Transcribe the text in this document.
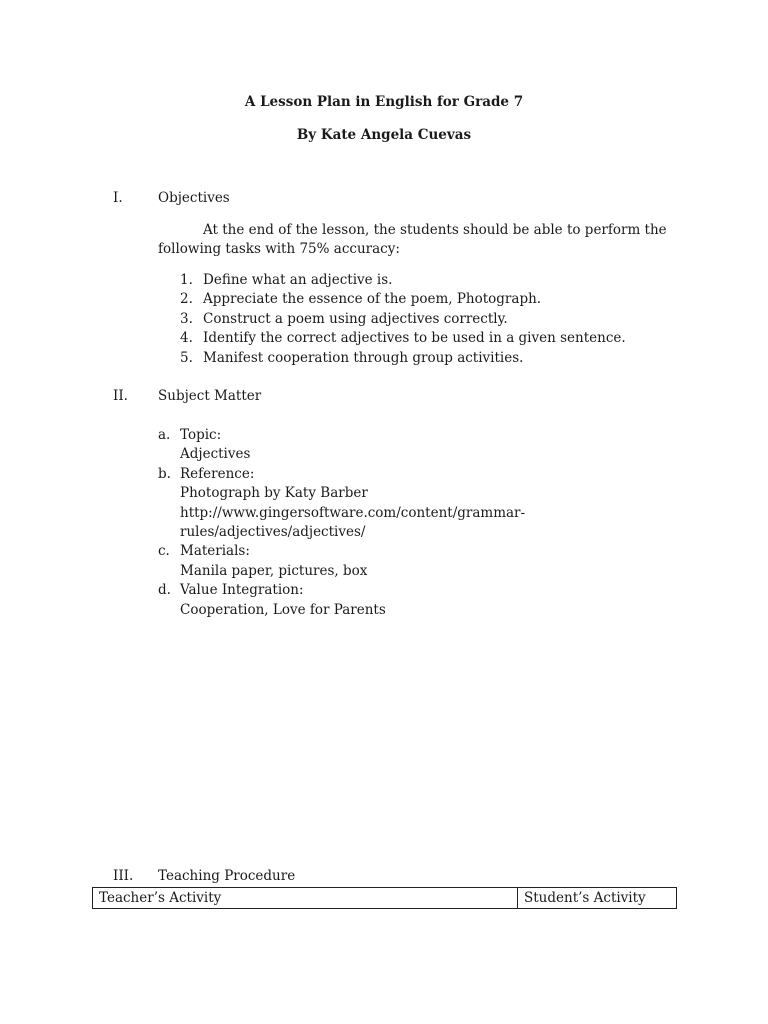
A Lesson Plan in English for Grade 7
By Kate Angela Cuevas
I.	Objectives
At the end of the lesson, the students should be able to perform the following tasks with 75% accuracy:
1. Define what an adjective is.
2. Appreciate the essence of the poem, Photograph.
3. Construct a poem using adjectives correctly.
4. Identify the correct adjectives to be used in a given sentence.
5. Manifest cooperation through group activities.
II. Subject Matter
a. Topic:
Adjectives
b. Reference:
Photograph by Katy Barber
http://www.gingersoftware.com/content/grammar-
rules/adjectives/adjectives/
c. Materials:
Manila paper, pictures, box
d. Value Integration:
Cooperation, Love for Parents
III. Teaching Procedure
Teacher’s Activity	Student’s Activity
